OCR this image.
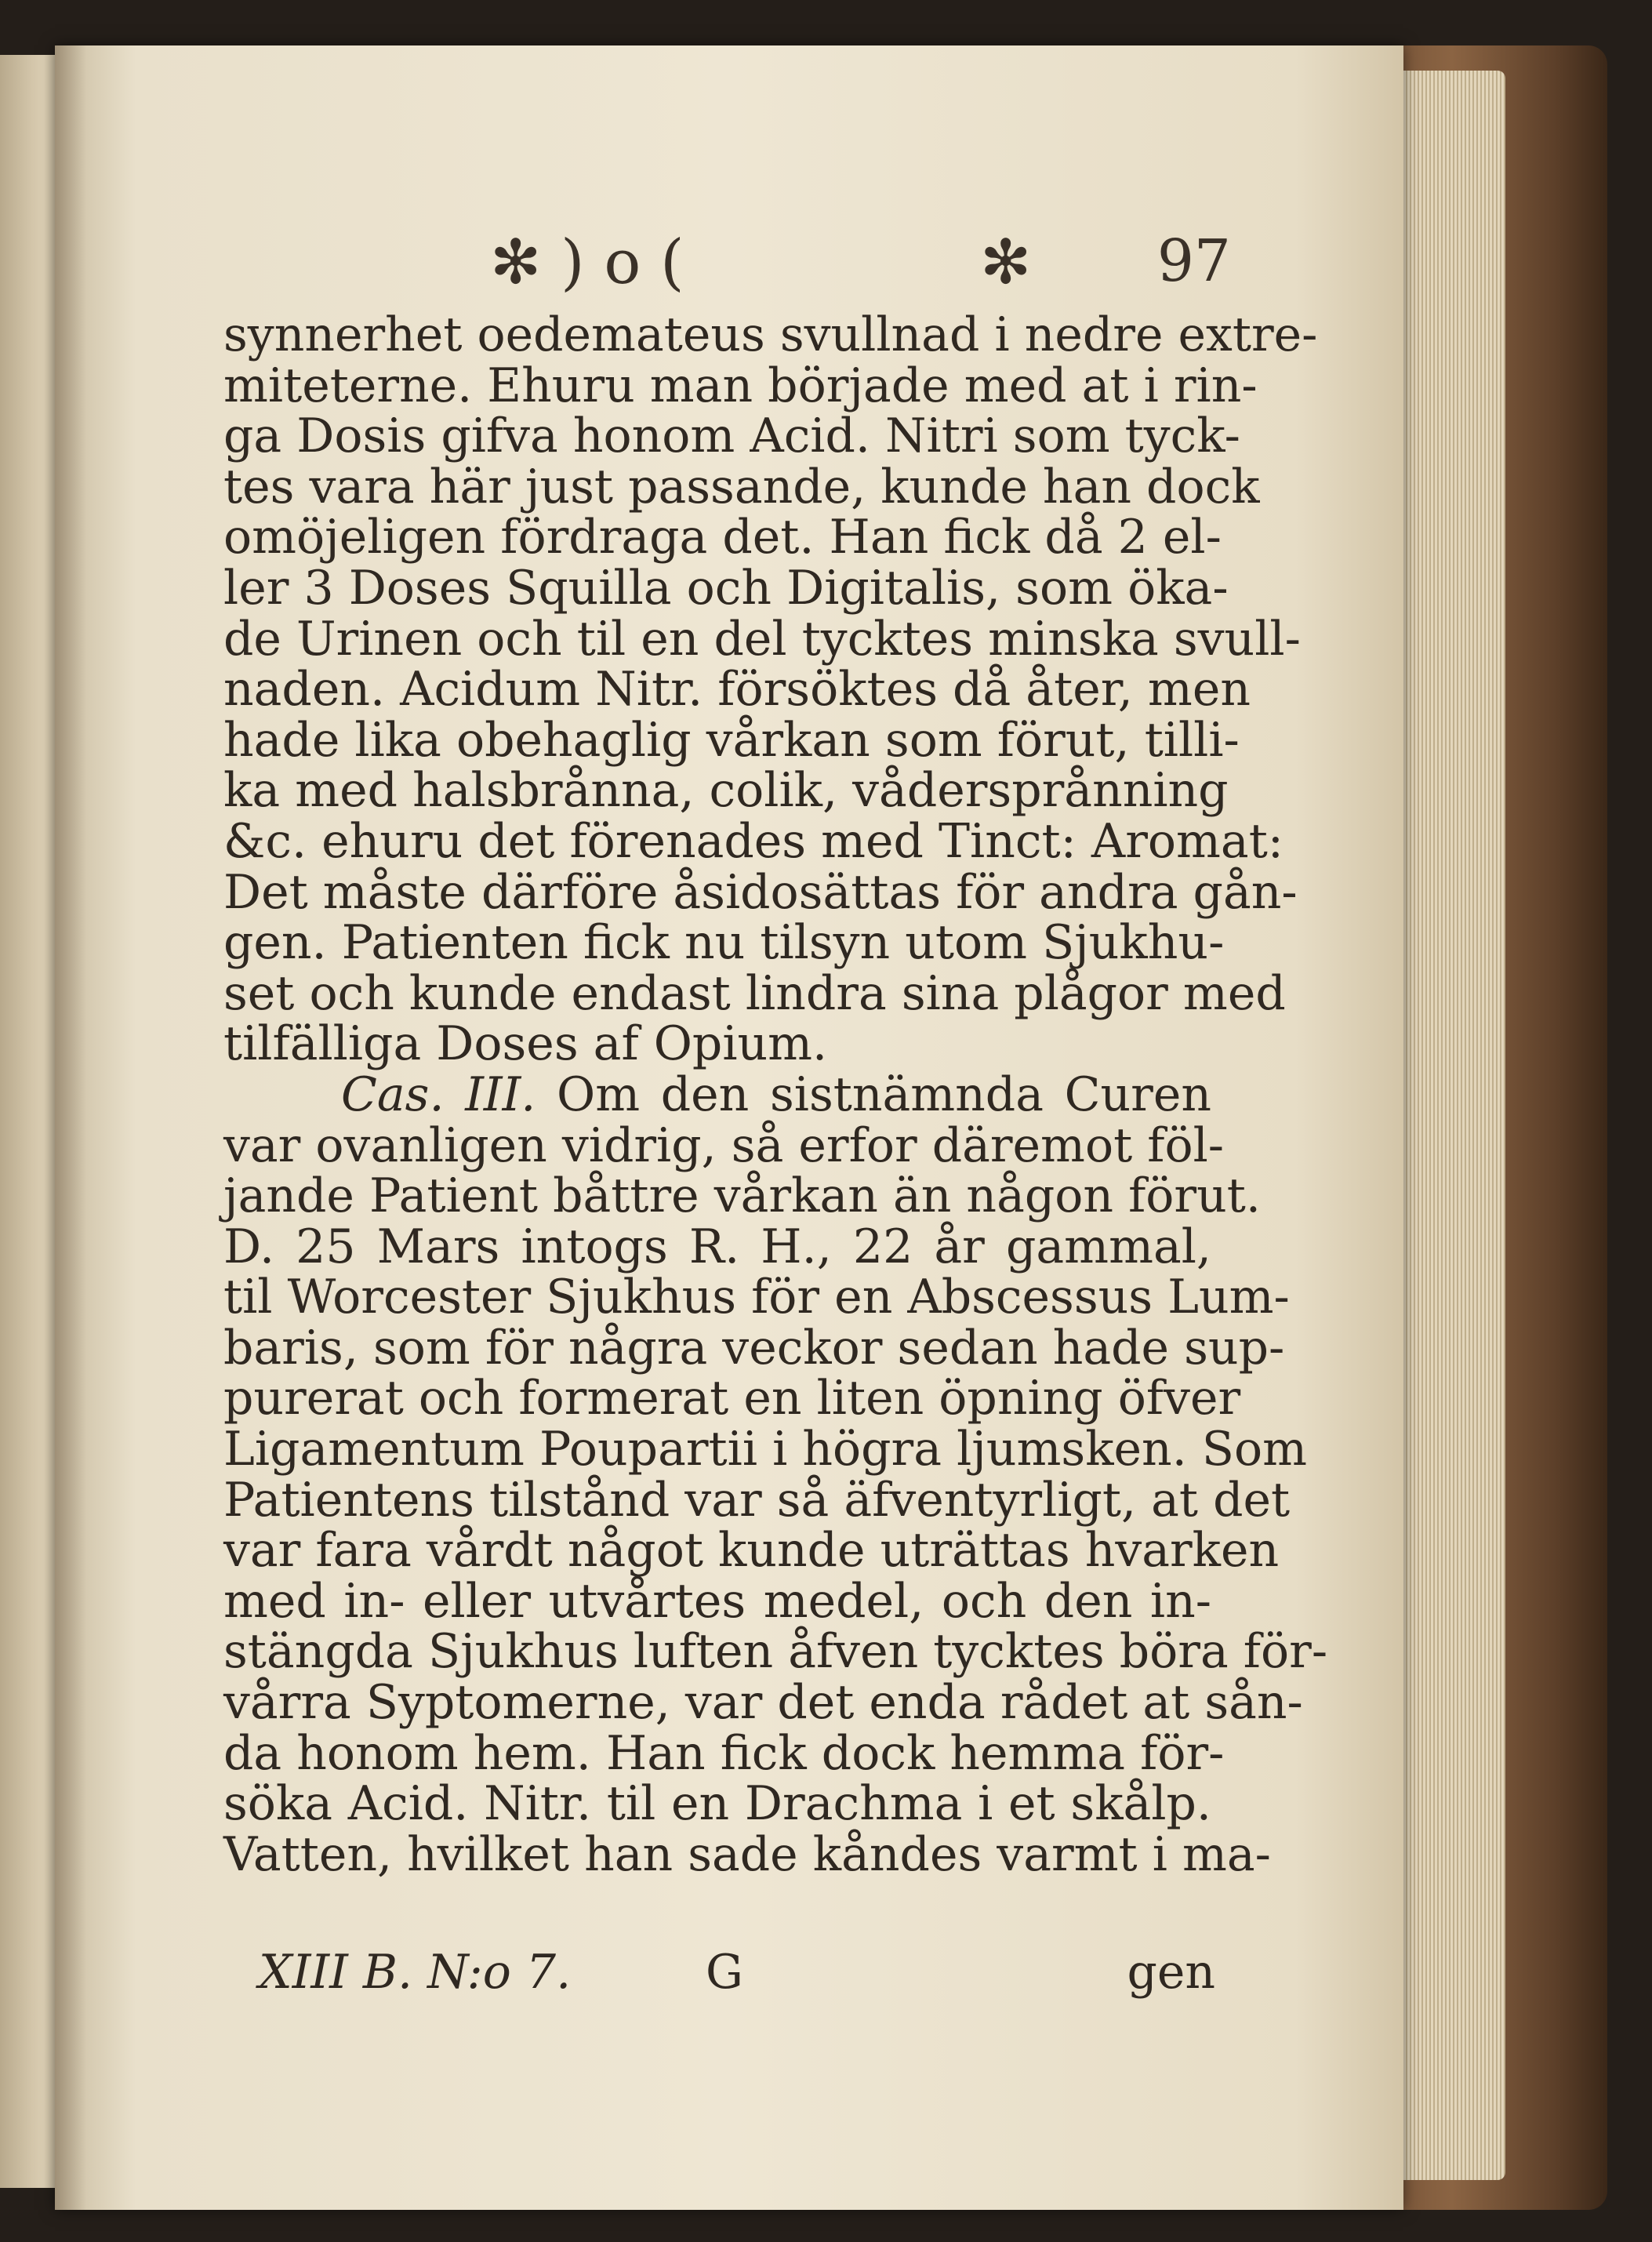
✻ ) o (	✻ 97
synnerhet oedemateus svullnad i nedre extre-
miteterne. Ehuru man började med at i rin-
ga Dosis gifva honom Acid. Nitri som tyck-
tes vara här just passande, kunde han dock
omöjeligen fördraga det. Han fick då 2 el-
ler 3 Doses Squilla och Digitalis, som öka-
de Urinen och til en del tycktes minska svull-
naden. Acidum Nitr. försöktes då åter, men
hade lika obehaglig vårkan som förut, tilli-
ka med halsbrånna, colik, vådersprånning
&c. ehuru det förenades med Tinct: Aromat:
Det måste därföre åsidosättas för andra gån-
gen. Patienten fick nu tilsyn utom Sjukhu-
set och kunde endast lindra sina plågor med
tilfälliga Doses af Opium.
Cas. III. Om den sistnämnda Curen
var ovanligen vidrig, så erfor däremot föl-
jande Patient båttre vårkan än någon förut.
D. 25 Mars intogs R. H., 22 år gammal,
til Worcester Sjukhus för en Abscessus Lum-
baris, som för några veckor sedan hade sup-
purerat och formerat en liten öpning öfver
Ligamentum Poupartii i högra ljumsken. Som
Patientens tilstånd var så äfventyrligt, at det
var fara vårdt något kunde uträttas hvarken
med in- eller utvårtes medel, och den in-
stängda Sjukhus luften åfven tycktes böra för-
vårra Syptomerne, var det enda rådet at sån-
da honom hem. Han fick dock hemma för-
söka Acid. Nitr. til en Drachma i et skålp.
Vatten, hvilket han sade kåndes varmt i ma-
XIII B. N:o 7.	G	gen
